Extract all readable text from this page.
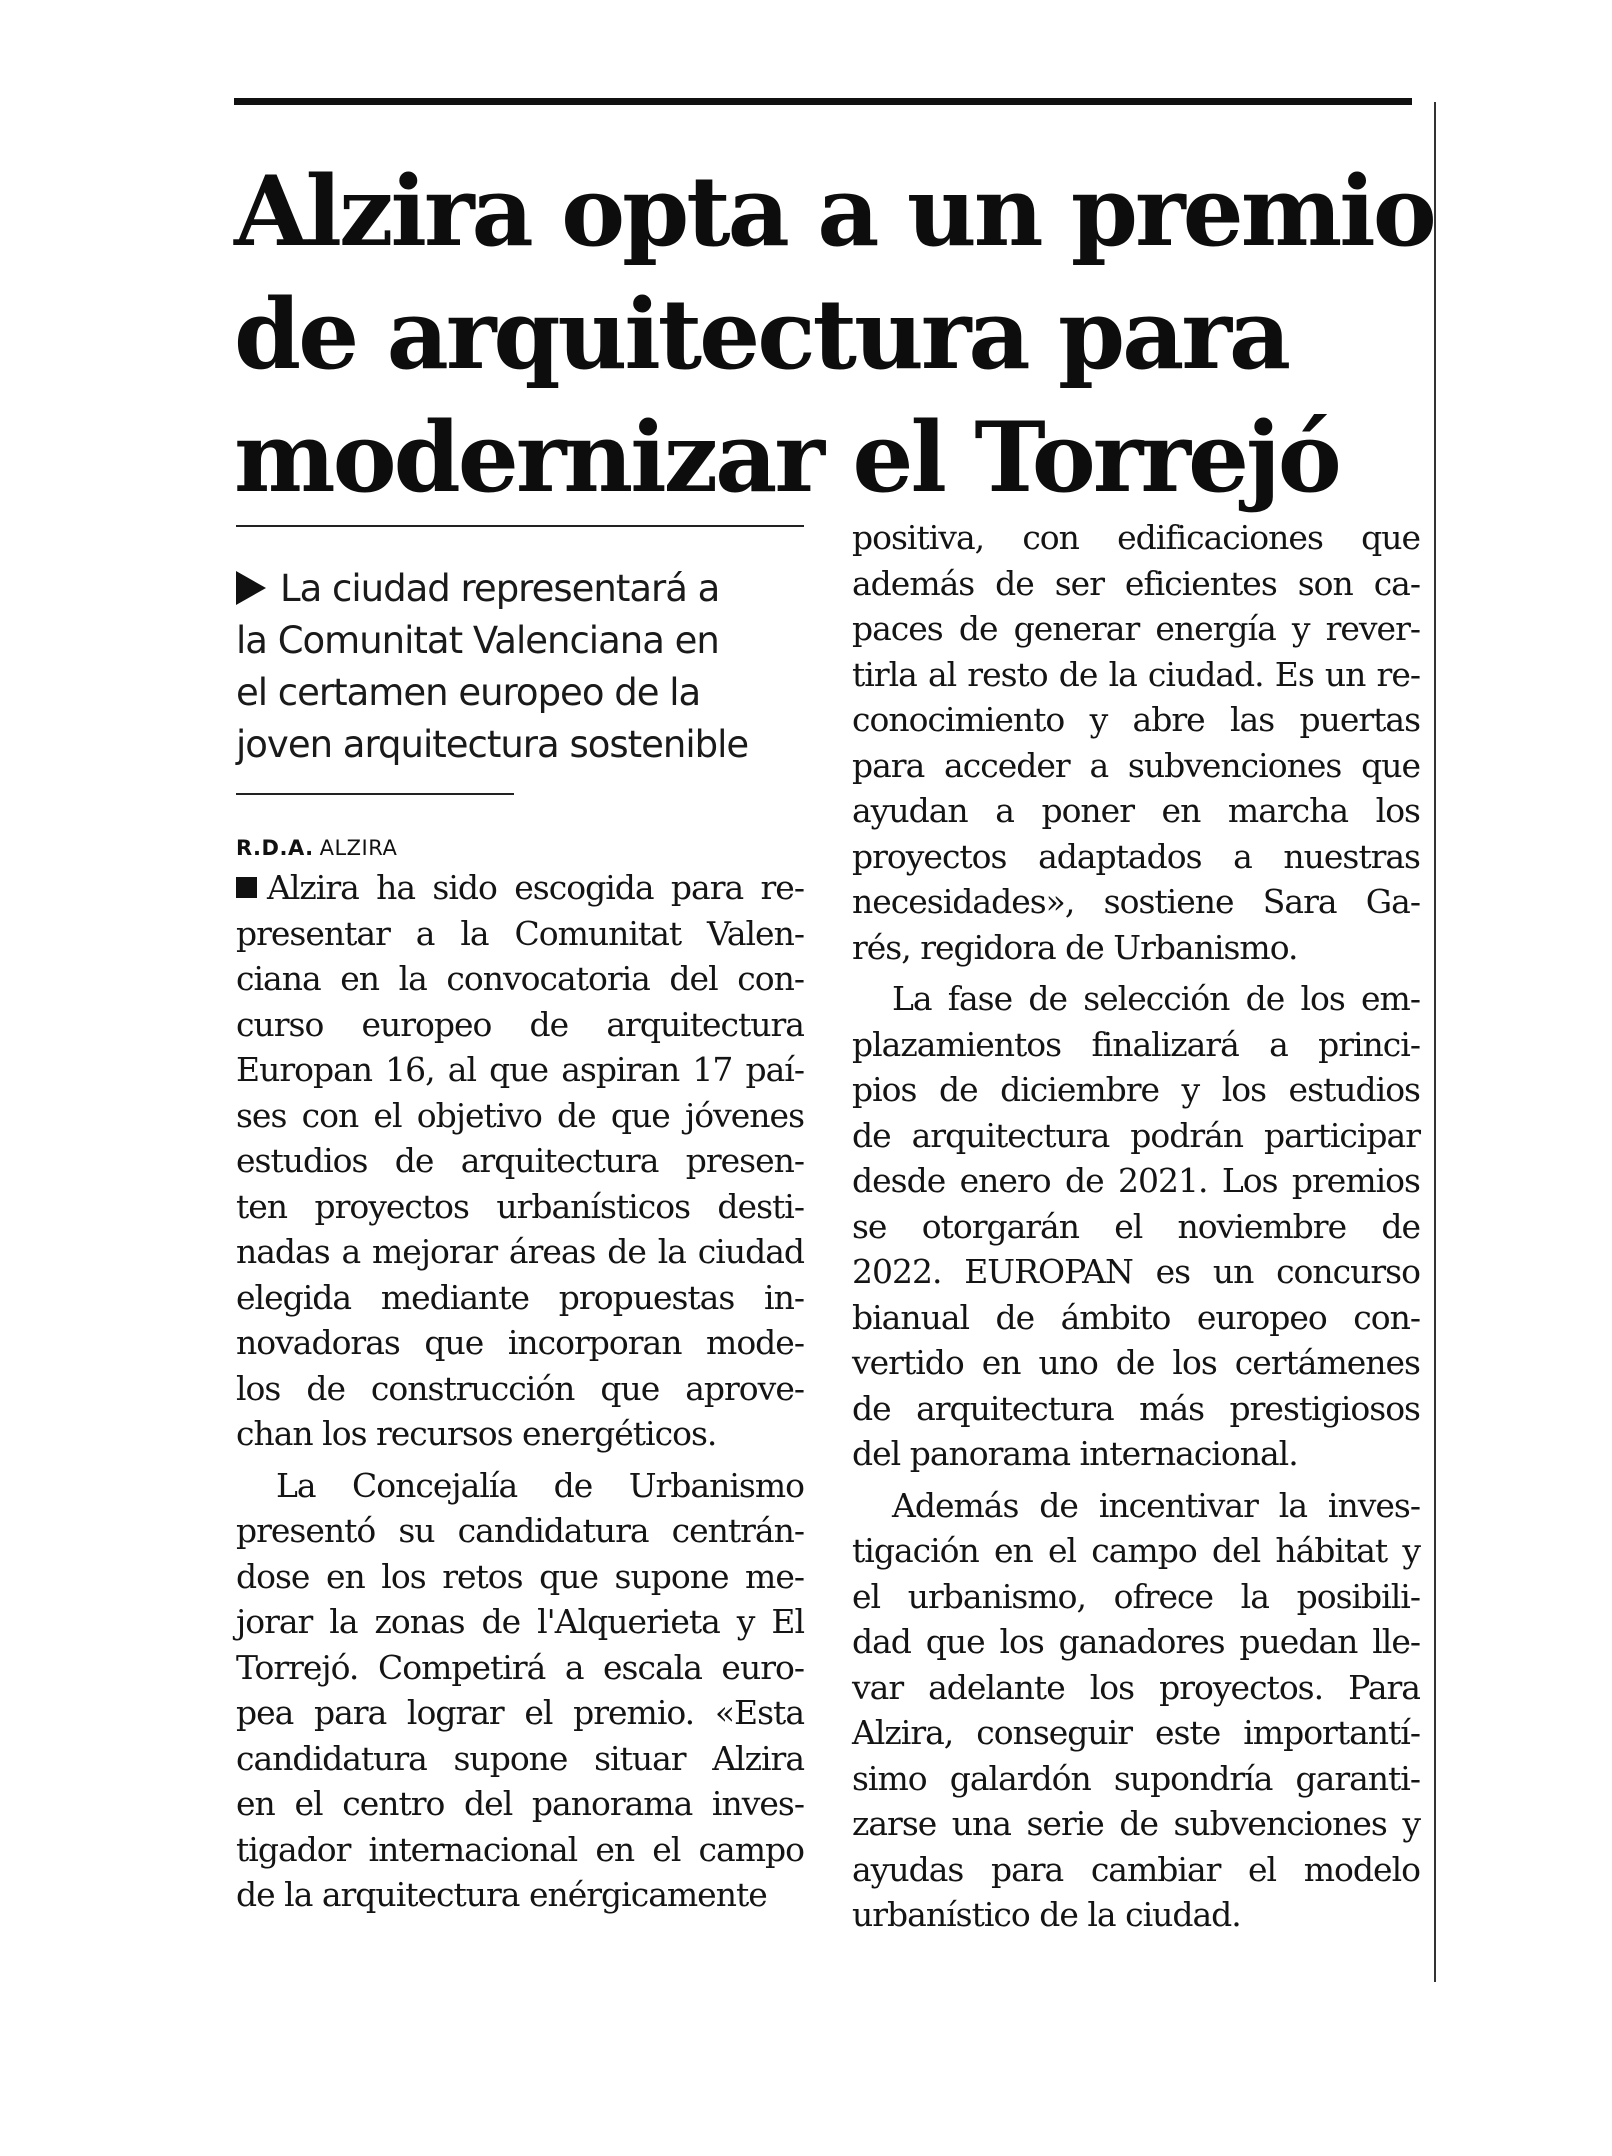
Alzira opta a un premio
de arquitectura para
modernizar el Torrejó

La ciudad representará a
la Comunitat Valenciana en
el certamen europeo de la
joven arquitectura sostenible

R.D.A. ALZIRA

Alzira ha sido escogida para re-
presentar a la Comunitat Valen-
ciana en la convocatoria del con-
curso europeo de arquitectura
Europan 16, al que aspiran 17 paí-
ses con el objetivo de que jóvenes
estudios de arquitectura presen-
ten proyectos urbanísticos desti-
nadas a mejorar áreas de la ciudad
elegida mediante propuestas in-
novadoras que incorporan mode-
los de construcción que aprove-
chan los recursos energéticos.

La Concejalía de Urbanismo
presentó su candidatura centrán-
dose en los retos que supone me-
jorar la zonas de l'Alquerieta y El
Torrejó. Competirá a escala euro-
pea para lograr el premio. «Esta
candidatura supone situar Alzira
en el centro del panorama inves-
tigador internacional en el campo
de la arquitectura enérgicamente

positiva, con edificaciones que
además de ser eficientes son ca-
paces de generar energía y rever-
tirla al resto de la ciudad. Es un re-
conocimiento y abre las puertas
para acceder a subvenciones que
ayudan a poner en marcha los
proyectos adaptados a nuestras
necesidades», sostiene Sara Ga-
rés, regidora de Urbanismo.

La fase de selección de los em-
plazamientos finalizará a princi-
pios de diciembre y los estudios
de arquitectura podrán participar
desde enero de 2021. Los premios
se otorgarán el noviembre de
2022. EUROPAN es un concurso
bianual de ámbito europeo con-
vertido en uno de los certámenes
de arquitectura más prestigiosos
del panorama internacional.

Además de incentivar la inves-
tigación en el campo del hábitat y
el urbanismo, ofrece la posibili-
dad que los ganadores puedan lle-
var adelante los proyectos. Para
Alzira, conseguir este importantí-
simo galardón supondría garanti-
zarse una serie de subvenciones y
ayudas para cambiar el modelo
urbanístico de la ciudad.
